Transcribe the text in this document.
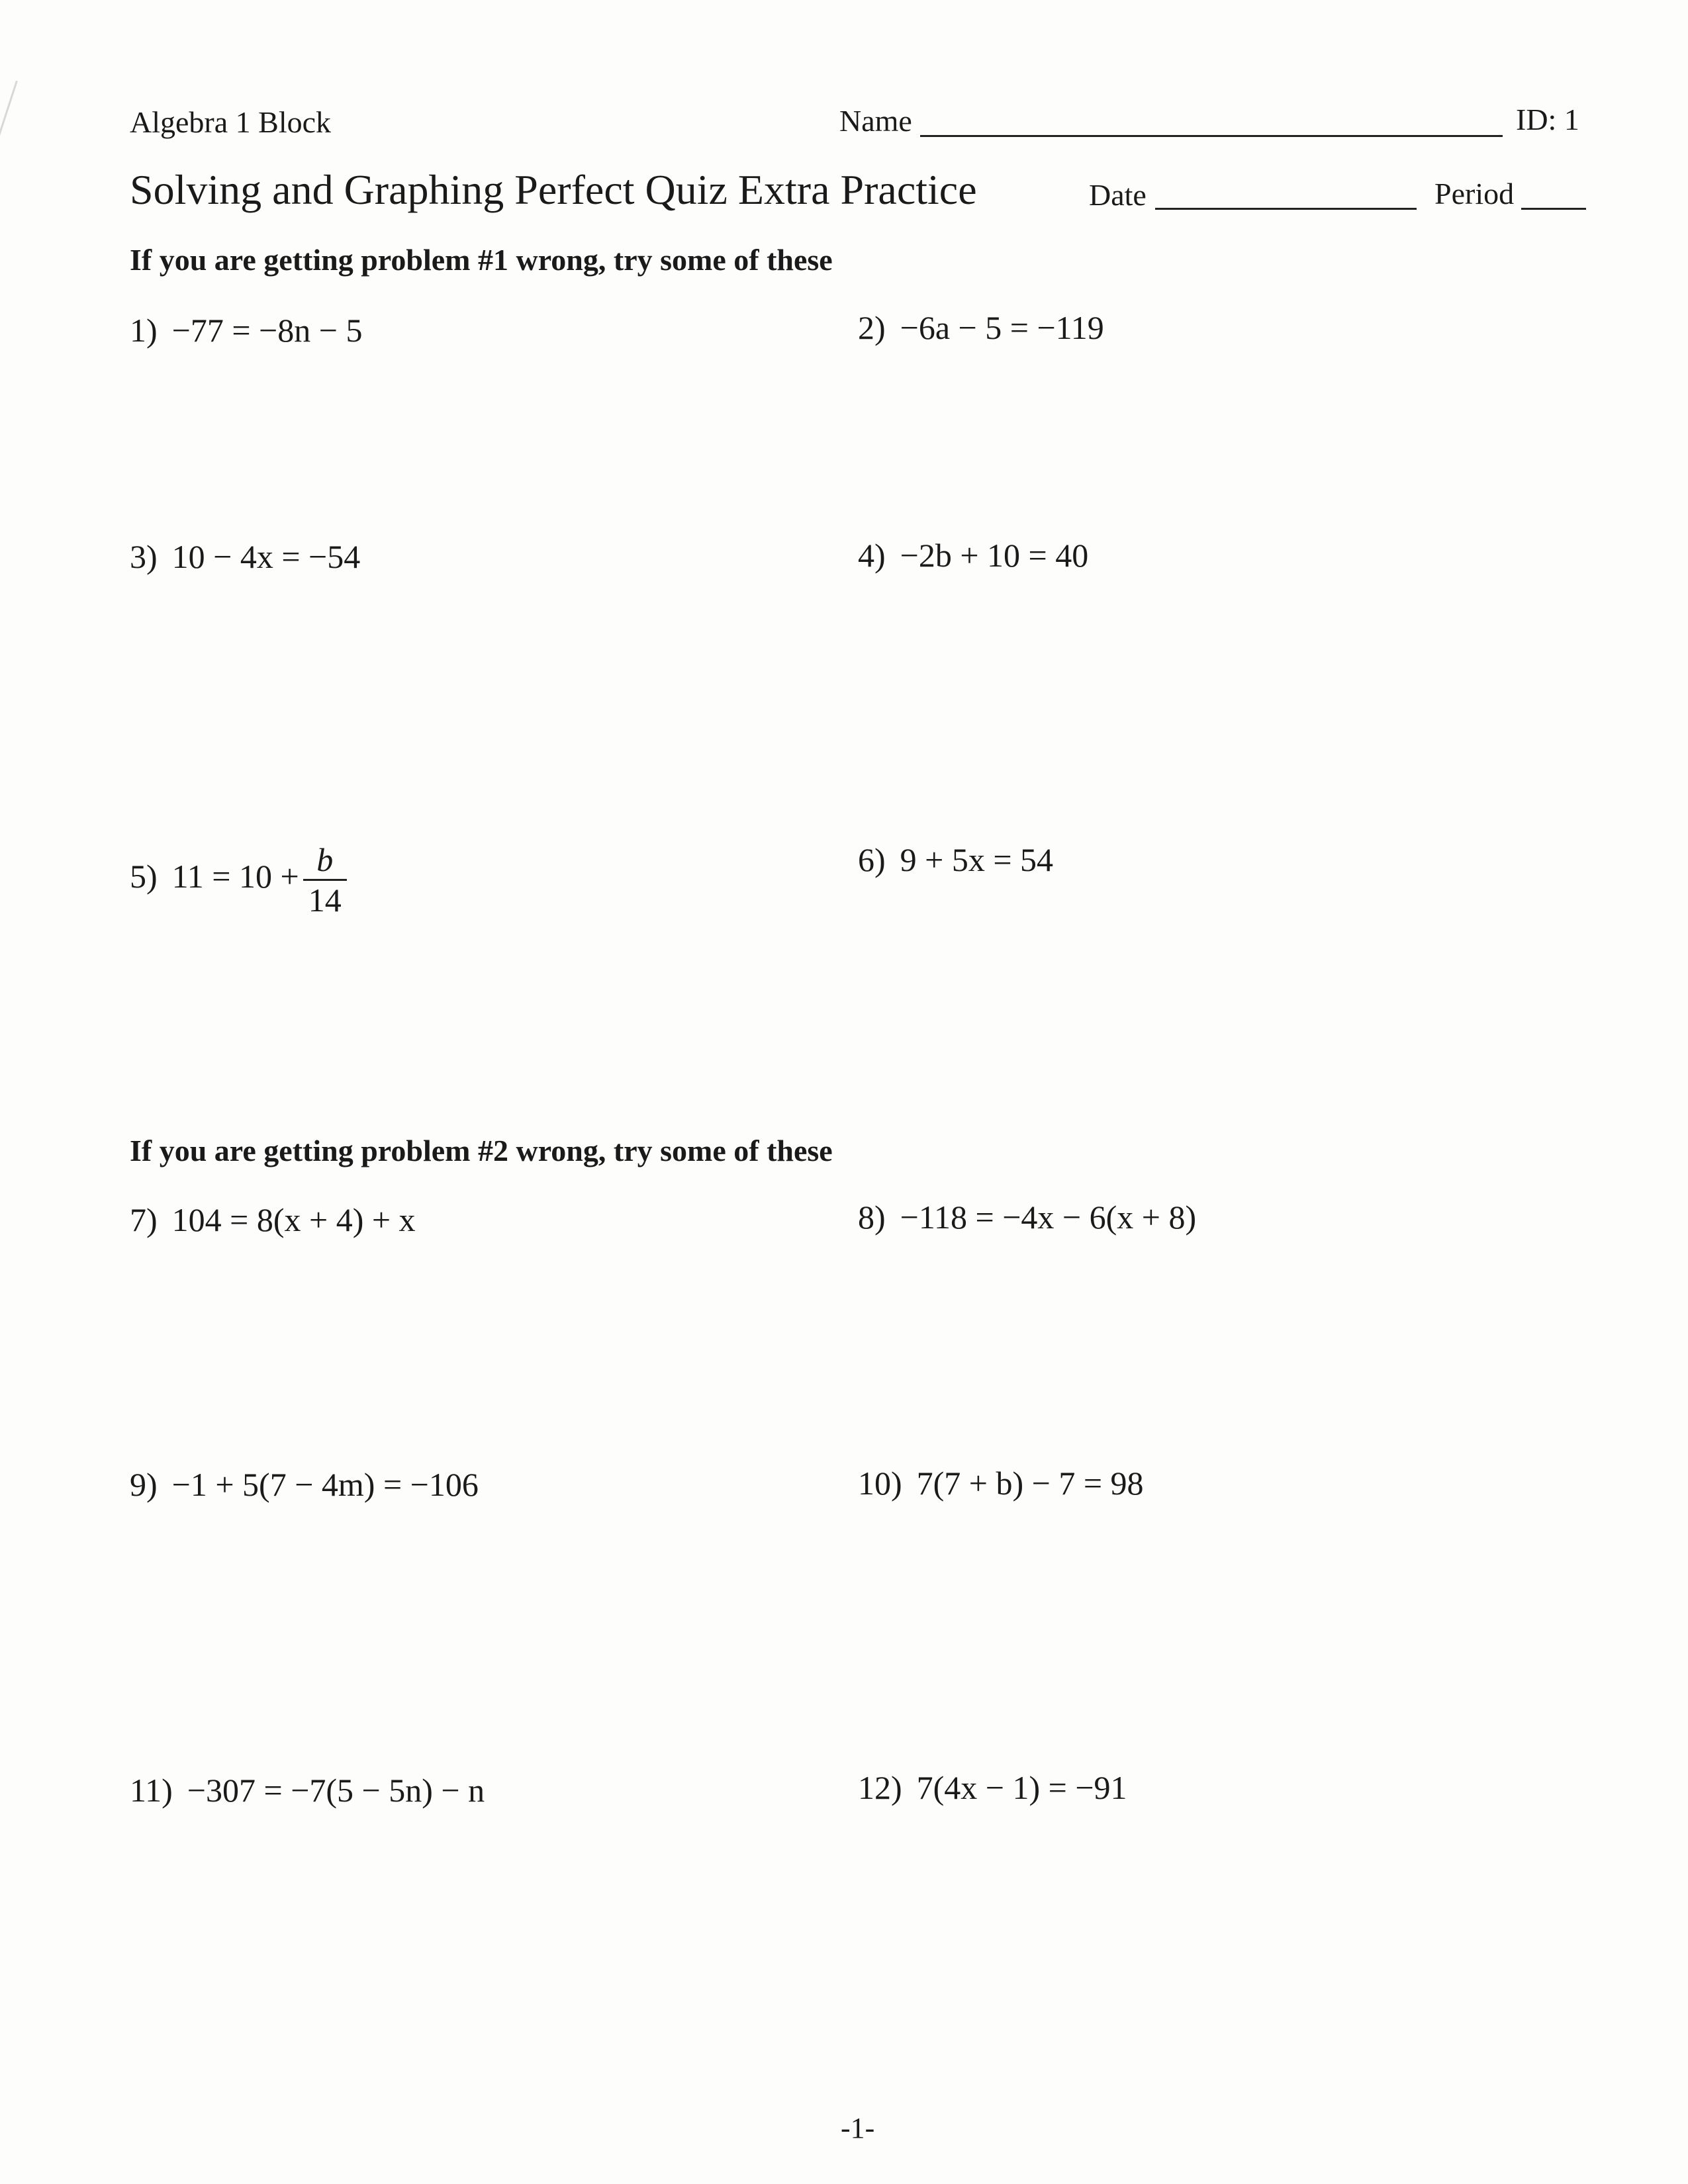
Algebra 1 Block	Name	ID: 1
Solving and Graphing Perfect Quiz Extra Practice	Date	Period
If you are getting problem #1 wrong, try some of these
1) −77 = −8n − 5	2) −6a − 5 = −119
3) 10 − 4x = −54	4) −2b + 10 = 40
5) $11 = 10 + \frac{b}{14}$	6) 9 + 5x = 54
If you are getting problem #2 wrong, try some of these
7) 104 = 8(x + 4) + x	8) −118 = −4x − 6(x + 8)
9) −1 + 5(7 − 4m) = −106	10) 7(7 + b) − 7 = 98
11) −307 = −7(5 − 5n) − n	12) 7(4x − 1) = −91
-1-
